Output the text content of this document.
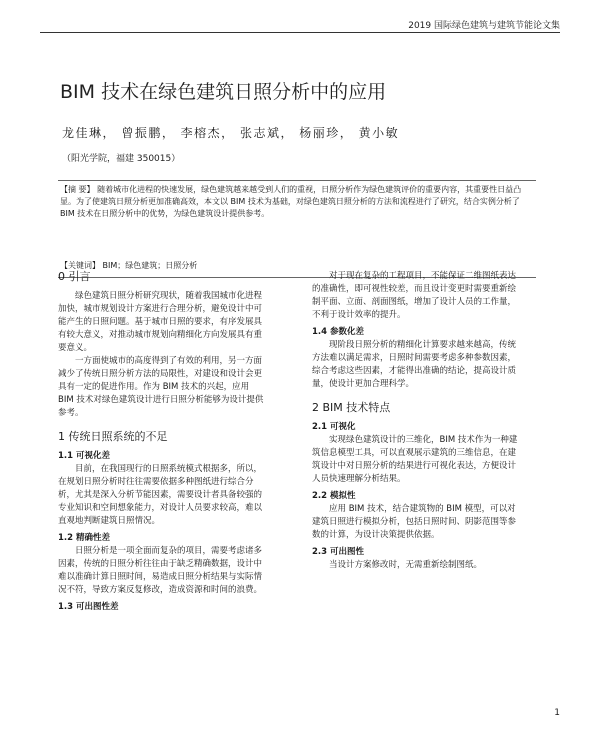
2019 国际绿色建筑与建筑节能论文集
BIM 技术在绿色建筑日照分析中的应用
龙佳琳， 曾振鹏， 李榕杰， 张志斌， 杨丽珍， 黄小敏
（阳光学院，福建 350015）
【摘 要】 随着城市化进程的快速发展，绿色建筑越来越受到人们的重视，日照分析作为绿色建筑评价的重要内容，其重要性日益凸显。为了使建筑日照分析更加准确高效，本文以 BIM 技术为基础，对绿色建筑日照分析的方法和流程进行了研究，结合实例分析了 BIM 技术在日照分析中的优势，为绿色建筑设计提供参考。
【关键词】 BIM；绿色建筑；日照分析
0 引言
绿色建筑日照分析研究现状，随着我国城市化进程加快，城市规划设计方案进行合理分析，避免设计中可能产生的日照问题。基于城市日照的要求，有序发展具有较大意义，对推动城市规划向精细化方向发展具有重要意义。
一方面使城市的高度得到了有效的利用，另一方面减少了传统日照分析方法的局限性，对建设和设计会更具有一定的促进作用。作为 BIM 技术的兴起，应用 BIM 技术对绿色建筑设计进行日照分析能够为设计提供参考。
1 传统日照系统的不足
1.1 可视化差
目前，在我国现行的日照系统模式根据多，所以，在规划日照分析时往往需要依据多种图纸进行综合分析，尤其是深入分析节能因素，需要设计者具备较强的专业知识和空间想象能力，对设计人员要求较高，难以直观地判断建筑日照情况。
1.2 精确性差
日照分析是一项全面而复杂的项目，需要考虑诸多因素，传统的日照分析往往由于缺乏精确数据，设计中难以准确计算日照时间，易造成日照分析结果与实际情况不符，导致方案反复修改，造成资源和时间的浪费。
1.3 可出图性差
对于现在复杂的工程项目，不能保证二维图纸表达的准确性，即可视性较差，而且设计变更时需要重新绘制平面、立面、剖面图纸，增加了设计人员的工作量，不利于设计效率的提升。
1.4 参数化差
现阶段日照分析的精细化计算要求越来越高，传统方法难以满足需求，日照时间需要考虑多种参数因素，综合考虑这些因素，才能得出准确的结论，提高设计质量，使设计更加合理科学。
2 BIM 技术特点
2.1 可视化
实现绿色建筑设计的三维化，BIM 技术作为一种建筑信息模型工具，可以直观展示建筑的三维信息，在建筑设计中对日照分析的结果进行可视化表达，方便设计人员快速理解分析结果。
2.2 模拟性
应用 BIM 技术，结合建筑物的 BIM 模型，可以对建筑日照进行模拟分析，包括日照时间、阴影范围等参数的计算，为设计决策提供依据。
2.3 可出图性
当设计方案修改时，无需重新绘制图纸。
1
